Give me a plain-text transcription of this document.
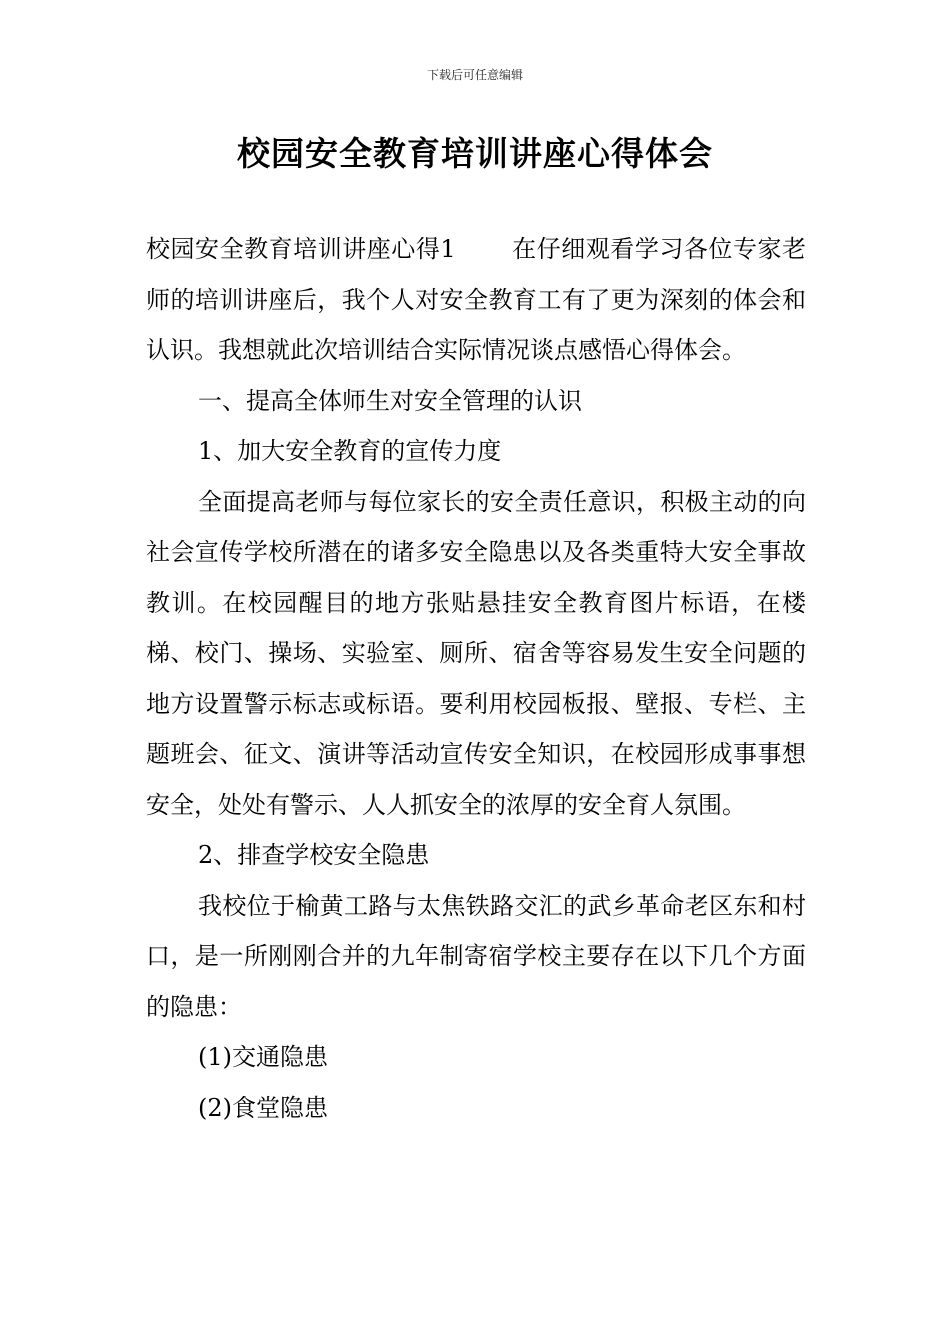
下载后可任意编辑
校园安全教育培训讲座心得体会

校园安全教育培训讲座心得1 在仔细观看学习各位专家老师的培训讲座后，我个人对安全教育工有了更为深刻的体会和认识。我想就此次培训结合实际情况谈点感悟心得体会。

一、提高全体师生对安全管理的认识

1、加大安全教育的宣传力度

全面提高老师与每位家长的安全责任意识，积极主动的向社会宣传学校所潜在的诸多安全隐患以及各类重特大安全事故教训。在校园醒目的地方张贴悬挂安全教育图片标语，在楼梯、校门、操场、实验室、厕所、宿舍等容易发生安全问题的地方设置警示标志或标语。要利用校园板报、壁报、专栏、主题班会、征文、演讲等活动宣传安全知识，在校园形成事事想安全，处处有警示、人人抓安全的浓厚的安全育人氛围。

2、排查学校安全隐患

我校位于榆黄工路与太焦铁路交汇的武乡革命老区东和村口，是一所刚刚合并的九年制寄宿学校主要存在以下几个方面的隐患：

(1)交通隐患

(2)食堂隐患
